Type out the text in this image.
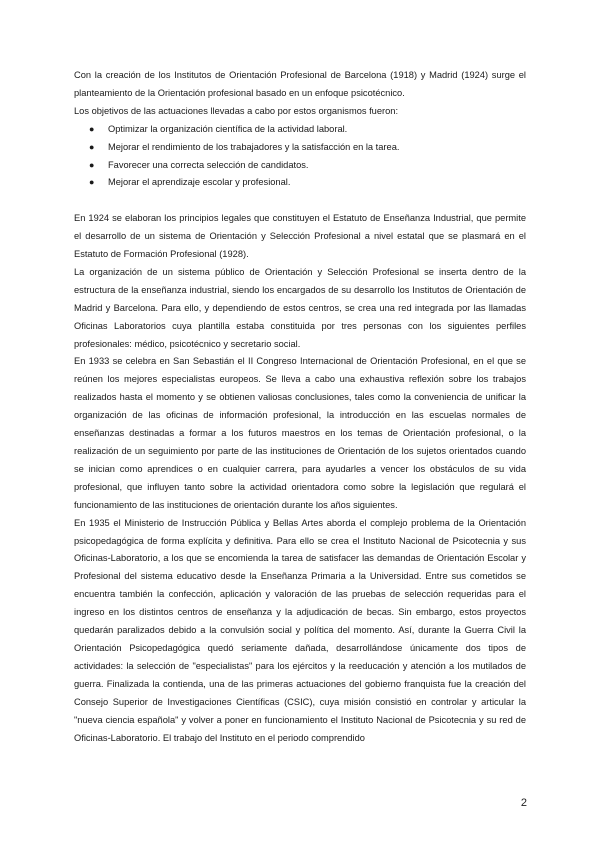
Con la creación de los Institutos de Orientación Profesional de Barcelona (1918) y Madrid (1924) surge el planteamiento de la Orientación profesional basado en un enfoque psicotécnico.

Los objetivos de las actuaciones llevadas a cabo por estos organismos fueron:

● Optimizar la organización científica de la actividad laboral.
● Mejorar el rendimiento de los trabajadores y la satisfacción en la tarea.
● Favorecer una correcta selección de candidatos.
● Mejorar el aprendizaje escolar y profesional.

En 1924 se elaboran los principios legales que constituyen el Estatuto de Enseñanza Industrial, que permite el desarrollo de un sistema de Orientación y Selección Profesional a nivel estatal que se plasmará en el Estatuto de Formación Profesional (1928).

La organización de un sistema público de Orientación y Selección Profesional se inserta dentro de la estructura de la enseñanza industrial, siendo los encargados de su desarrollo los Institutos de Orientación de Madrid y Barcelona. Para ello, y dependiendo de estos centros, se crea una red integrada por las llamadas Oficinas Laboratorios cuya plantilla estaba constituida por tres personas con los siguientes perfiles profesionales: médico, psicotécnico y secretario social.

En 1933 se celebra en San Sebastián el II Congreso Internacional de Orientación Profesional, en el que se reúnen los mejores especialistas europeos. Se lleva a cabo una exhaustiva reflexión sobre los trabajos realizados hasta el momento y se obtienen valiosas conclusiones, tales como la conveniencia de unificar la organización de las oficinas de información profesional, la introducción en las escuelas normales de enseñanzas destinadas a formar a los futuros maestros en los temas de Orientación profesional, o la realización de un seguimiento por parte de las instituciones de Orientación de los sujetos orientados cuando se inician como aprendices o en cualquier carrera, para ayudarles a vencer los obstáculos de su vida profesional, que influyen tanto sobre la actividad orientadora como sobre la legislación que regulará el funcionamiento de las instituciones de orientación durante los años siguientes.

En 1935 el Ministerio de Instrucción Pública y Bellas Artes aborda el complejo problema de la Orientación psicopedagógica de forma explícita y definitiva. Para ello se crea el Instituto Nacional de Psicotecnia y sus Oficinas-Laboratorio, a los que se encomienda la tarea de satisfacer las demandas de Orientación Escolar y Profesional del sistema educativo desde la Enseñanza Primaria a la Universidad. Entre sus cometidos se encuentra también la confección, aplicación y valoración de las pruebas de selección requeridas para el ingreso en los distintos centros de enseñanza y la adjudicación de becas. Sin embargo, estos proyectos quedarán paralizados debido a la convulsión social y política del momento. Así, durante la Guerra Civil la Orientación Psicopedagógica quedó seriamente dañada, desarrollándose únicamente dos tipos de actividades: la selección de "especialistas" para los ejércitos y la reeducación y atención a los mutilados de guerra. Finalizada la contienda, una de las primeras actuaciones del gobierno franquista fue la creación del Consejo Superior de Investigaciones Científicas (CSIC), cuya misión consistió en controlar y articular la "nueva ciencia española" y volver a poner en funcionamiento el Instituto Nacional de Psicotecnia y su red de Oficinas-Laboratorio. El trabajo del Instituto en el periodo comprendido

2
